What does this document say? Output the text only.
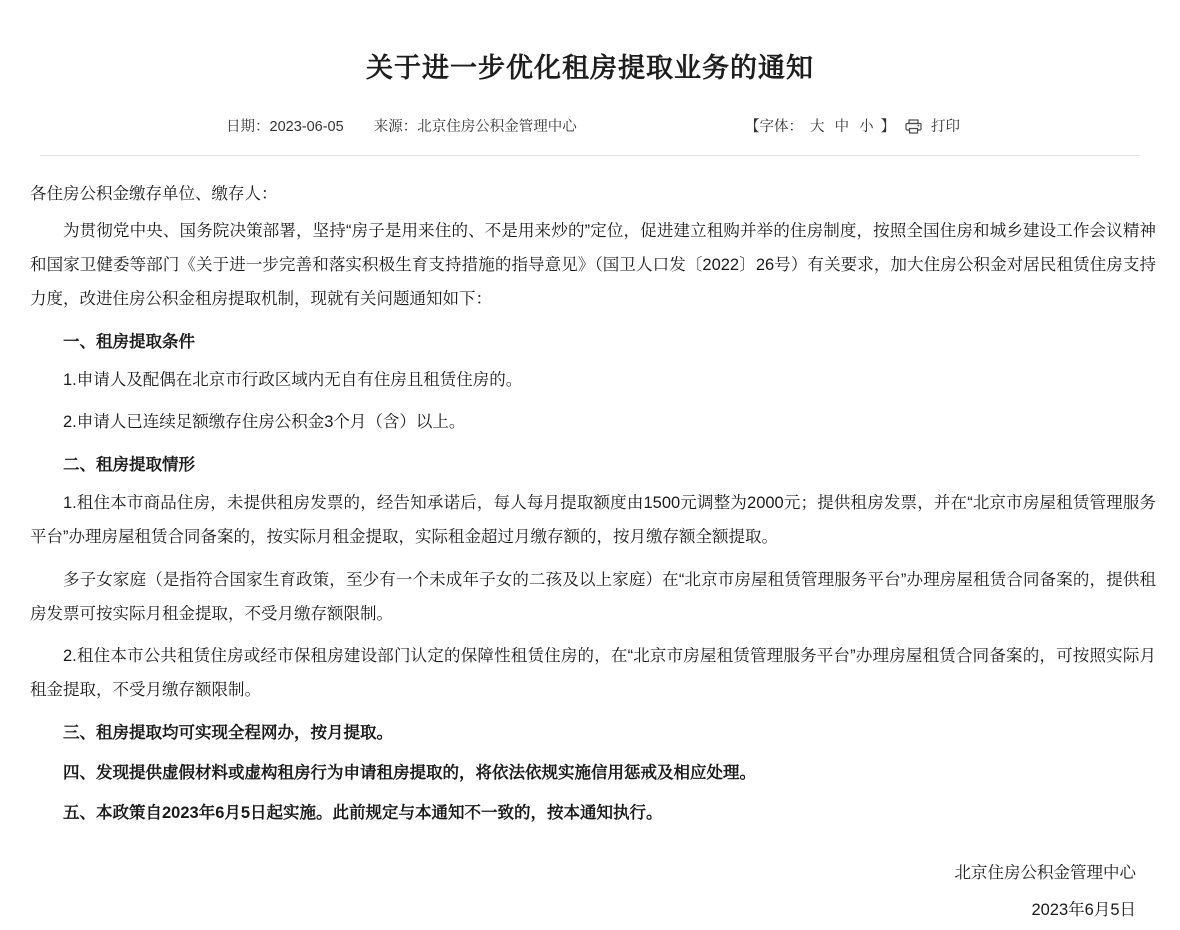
关于进一步优化租房提取业务的通知
日期：2023-06-05 来源：北京住房公积金管理中心	【字体： 大 中 小 】	打印

各住房公积金缴存单位、缴存人：

为贯彻党中央、国务院决策部署，坚持“房子是用来住的、不是用来炒的”定位，促进建立租购并举的住房制度，按照全国住房和城乡建设工作会议精神和国家卫健委等部门《关于进一步完善和落实积极生育支持措施的指导意见》（国卫人口发〔2022〕26号）有关要求，加大住房公积金对居民租赁住房支持力度，改进住房公积金租房提取机制，现就有关问题通知如下：

一、租房提取条件

1.申请人及配偶在北京市行政区域内无自有住房且租赁住房的。

2.申请人已连续足额缴存住房公积金3个月（含）以上。

二、租房提取情形

1.租住本市商品住房，未提供租房发票的，经告知承诺后，每人每月提取额度由1500元调整为2000元；提供租房发票，并在“北京市房屋租赁管理服务平台”办理房屋租赁合同备案的，按实际月租金提取，实际租金超过月缴存额的，按月缴存额全额提取。

多子女家庭（是指符合国家生育政策，至少有一个未成年子女的二孩及以上家庭）在“北京市房屋租赁管理服务平台”办理房屋租赁合同备案的，提供租房发票可按实际月租金提取，不受月缴存额限制。

2.租住本市公共租赁住房或经市保租房建设部门认定的保障性租赁住房的，在“北京市房屋租赁管理服务平台”办理房屋租赁合同备案的，可按照实际月租金提取，不受月缴存额限制。

三、租房提取均可实现全程网办，按月提取。

四、发现提供虚假材料或虚构租房行为申请租房提取的，将依法依规实施信用惩戒及相应处理。

五、本政策自2023年6月5日起实施。此前规定与本通知不一致的，按本通知执行。

北京住房公积金管理中心
2023年6月5日
